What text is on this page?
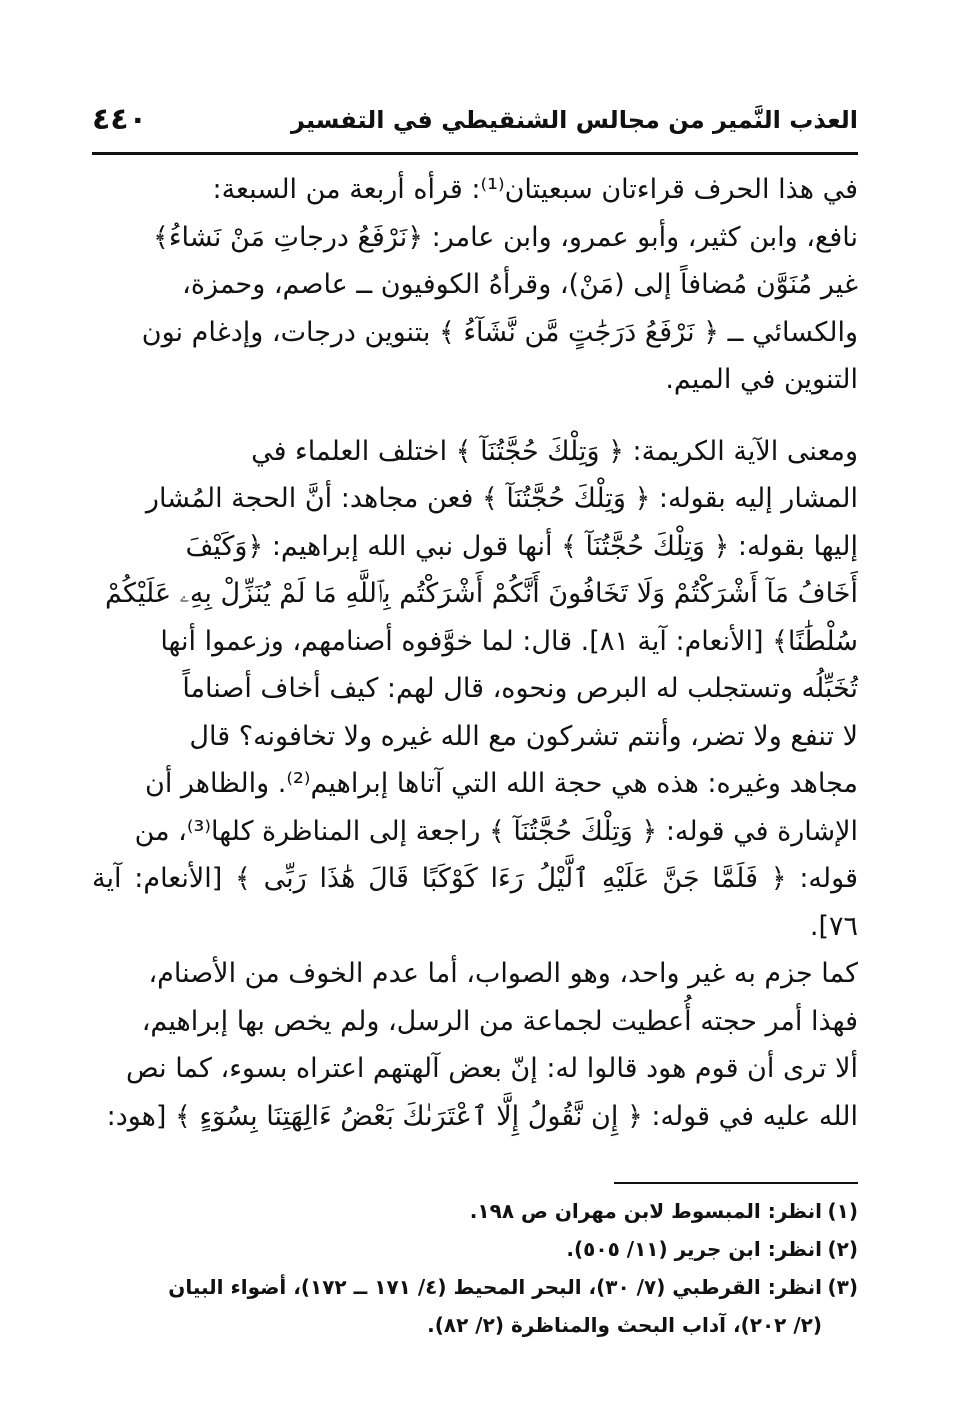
العذب النَّمير من مجالس الشنقيطي في التفسير
٤٤٠

في هذا الحرف قراءتان سبعيتان⁽¹⁾: قرأه أربعة من السبعة:
نافع، وابن كثير، وأبو عمرو، وابن عامر: ﴿نَرْفَعُ درجاتِ مَنْ نَشاءُ﴾
غير مُنَوَّن مُضافاً إلى (مَنْ)، وقرأهُ الكوفيون ــ عاصم، وحمزة،
والكسائي ــ ﴿ نَرْفَعُ دَرَجَٰتٍ مَّن نَّشَآءُ ﴾ بتنوين درجات، وإدغام نون
التنوين في الميم.

ومعنى الآية الكريمة: ﴿ وَتِلْكَ حُجَّتُنَآ ﴾ اختلف العلماء في
المشار إليه بقوله: ﴿ وَتِلْكَ حُجَّتُنَآ ﴾ فعن مجاهد: أنَّ الحجة المُشار
إليها بقوله: ﴿ وَتِلْكَ حُجَّتُنَآ ﴾ أنها قول نبي الله إبراهيم: ﴿وَكَيْفَ
أَخَافُ مَآ أَشْرَكْتُمْ وَلَا تَخَافُونَ أَنَّكُمْ أَشْرَكْتُم بِٱللَّهِ مَا لَمْ يُنَزِّلْ بِهِۦ عَلَيْكُمْ
سُلْطَٰنًا﴾ [الأنعام: آية ٨١]. قال: لما خوَّفوه أصنامهم، وزعموا أنها
تُخَبِّلُه وتستجلب له البرص ونحوه، قال لهم: كيف أخاف أصناماً
لا تنفع ولا تضر، وأنتم تشركون مع الله غيره ولا تخافونه؟ قال
مجاهد وغيره: هذه هي حجة الله التي آتاها إبراهيم⁽²⁾. والظاهر أن
الإشارة في قوله: ﴿ وَتِلْكَ حُجَّتُنَآ ﴾ راجعة إلى المناظرة كلها⁽³⁾، من
قوله: ﴿ فَلَمَّا جَنَّ عَلَيْهِ ٱلَّيْلُ رَءَا كَوْكَبًا قَالَ هَٰذَا رَبِّى ﴾ [الأنعام: آية ٧٦].
كما جزم به غير واحد، وهو الصواب، أما عدم الخوف من الأصنام،
فهذا أمر حجته أُعطيت لجماعة من الرسل، ولم يخص بها إبراهيم،
ألا ترى أن قوم هود قالوا له: إنّ بعض آلهتهم اعتراه بسوء، كما نص
الله عليه في قوله: ﴿ إِن نَّقُولُ إِلَّا ٱعْتَرَىٰكَ بَعْضُ ءَالِهَتِنَا بِسُوٓءٍ ﴾ [هود:

(١)انظر: المبسوط لابن مهران ص ١٩٨.
(٢)انظر: ابن جرير (١١/ ٥٠٥).
(٣)انظر: القرطبي (٧/ ٣٠)، البحر المحيط (٤/ ١٧١ ــ ١٧٢)، أضواء البيان
(٢/ ٢٠٢)، آداب البحث والمناظرة (٢/ ٨٢).
